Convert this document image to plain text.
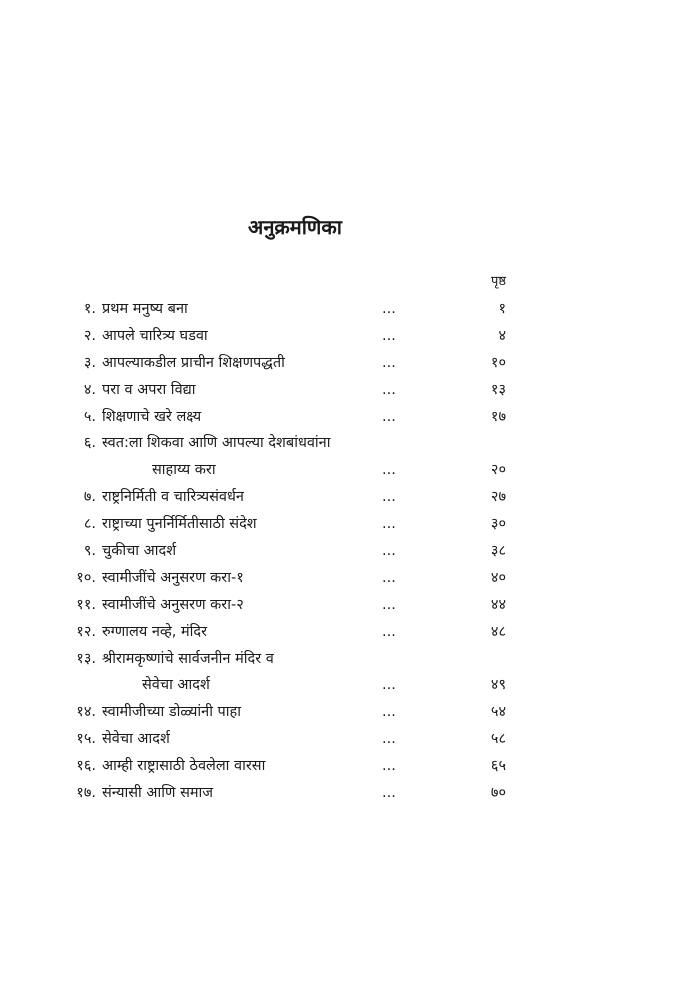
अनुक्रमणिका
पृष्ठ
१. प्रथम मनुष्य बना	...	१
२. आपले चारित्र्य घडवा	...	४
३. आपल्याकडील प्राचीन शिक्षणपद्धती	...	१०
४. परा व अपरा विद्या	...	१३
५. शिक्षणाचे खरे लक्ष्य	...	१७
६. स्वत:ला शिकवा आणि आपल्या देशबांधवांना
साहाय्य करा	...	२०
७. राष्ट्रनिर्मिती व चारित्र्यसंवर्धन	...	२७
८. राष्ट्राच्या पुनर्निर्मितीसाठी संदेश	...	३०
९. चुकीचा आदर्श	...	३८
१०. स्वामीजींचे अनुसरण करा-१	...	४०
११. स्वामीजींचे अनुसरण करा-२	...	४४
१२. रुग्णालय नव्हे, मंदिर	...	४८
१३. श्रीरामकृष्णांचे सार्वजनीन मंदिर व
सेवेचा आदर्श	...	४९
१४. स्वामीजीच्या डोळ्यांनी पाहा	...	५४
१५. सेवेचा आदर्श	...	५८
१६. आम्ही राष्ट्रासाठी ठेवलेला वारसा	...	६५
१७. संन्यासी आणि समाज	...	७०
